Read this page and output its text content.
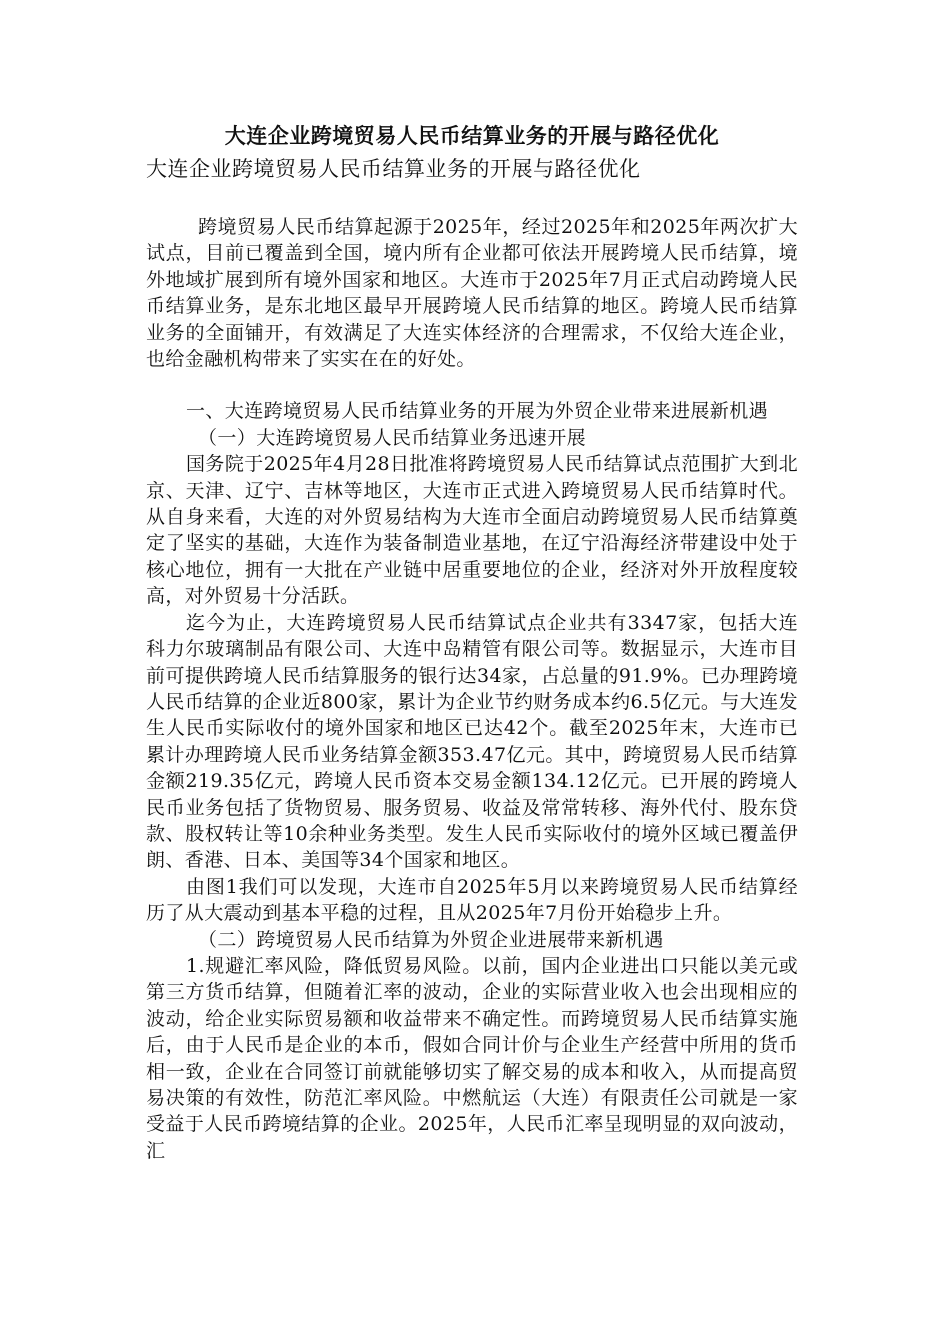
大连企业跨境贸易人民币结算业务的开展与路径优化

大连企业跨境贸易人民币结算业务的开展与路径优化

跨境贸易人民币结算起源于2025年，经过2025年和2025年两次扩大试点，目前已覆盖到全国，境内所有企业都可依法开展跨境人民币结算，境外地域扩展到所有境外国家和地区。大连市于2025年7月正式启动跨境人民币结算业务，是东北地区最早开展跨境人民币结算的地区。跨境人民币结算业务的全面铺开，有效满足了大连实体经济的合理需求，不仅给大连企业，也给金融机构带来了实实在在的好处。

一、大连跨境贸易人民币结算业务的开展为外贸企业带来进展新机遇

（一）大连跨境贸易人民币结算业务迅速开展

国务院于2025年4月28日批准将跨境贸易人民币结算试点范围扩大到北京、天津、辽宁、吉林等地区，大连市正式进入跨境贸易人民币结算时代。从自身来看，大连的对外贸易结构为大连市全面启动跨境贸易人民币结算奠定了坚实的基础，大连作为装备制造业基地，在辽宁沿海经济带建设中处于核心地位，拥有一大批在产业链中居重要地位的企业，经济对外开放程度较高，对外贸易十分活跃。

迄今为止，大连跨境贸易人民币结算试点企业共有3347家，包括大连科力尔玻璃制品有限公司、大连中岛精管有限公司等。数据显示，大连市目前可提供跨境人民币结算服务的银行达34家，占总量的91.9%。已办理跨境人民币结算的企业近800家，累计为企业节约财务成本约6.5亿元。与大连发生人民币实际收付的境外国家和地区已达42个。截至2025年末，大连市已累计办理跨境人民币业务结算金额353.47亿元。其中，跨境贸易人民币结算金额219.35亿元，跨境人民币资本交易金额134.12亿元。已开展的跨境人民币业务包括了货物贸易、服务贸易、收益及常常转移、海外代付、股东贷款、股权转让等10余种业务类型。发生人民币实际收付的境外区域已覆盖伊朗、香港、日本、美国等34个国家和地区。

由图1我们可以发现，大连市自2025年5月以来跨境贸易人民币结算经历了从大震动到基本平稳的过程，且从2025年7月份开始稳步上升。

（二）跨境贸易人民币结算为外贸企业进展带来新机遇

1.规避汇率风险，降低贸易风险。以前，国内企业进出口只能以美元或第三方货币结算，但随着汇率的波动，企业的实际营业收入也会出现相应的波动，给企业实际贸易额和收益带来不确定性。而跨境贸易人民币结算实施后，由于人民币是企业的本币，假如合同计价与企业生产经营中所用的货币相一致，企业在合同签订前就能够切实了解交易的成本和收入，从而提高贸易决策的有效性，防范汇率风险。中燃航运（大连）有限责任公司就是一家受益于人民币跨境结算的企业。2025年，人民币汇率呈现明显的双向波动，汇
